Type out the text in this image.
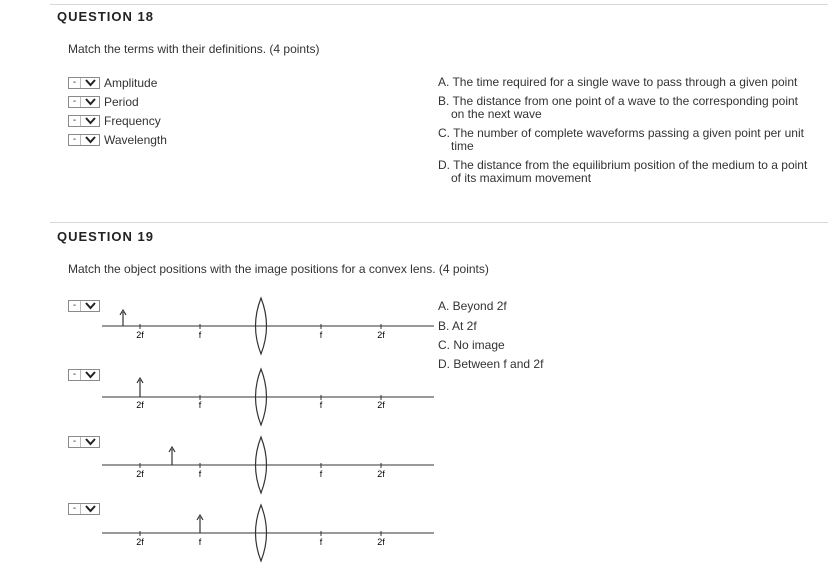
QUESTION 18
Match the terms with their definitions. (4 points)
-	Amplitude
-	Period
-	Frequency
-	Wavelength
A. The time required for a single wave to pass through a given point
B. The distance from one point of a wave to the corresponding point
on the next wave
C. The number of complete waveforms passing a given point per unit
time
D. The distance from the equilibrium position of the medium to a point
of its maximum movement
QUESTION 19
Match the object positions with the image positions for a convex lens. (4 points)
-
-
-
-
2f	f	f	2f
2f	f	f	2f
2f	f	f	2f
2f	f	f	2f
A. Beyond 2f
B. At 2f
C. No image
D. Between f and 2f
